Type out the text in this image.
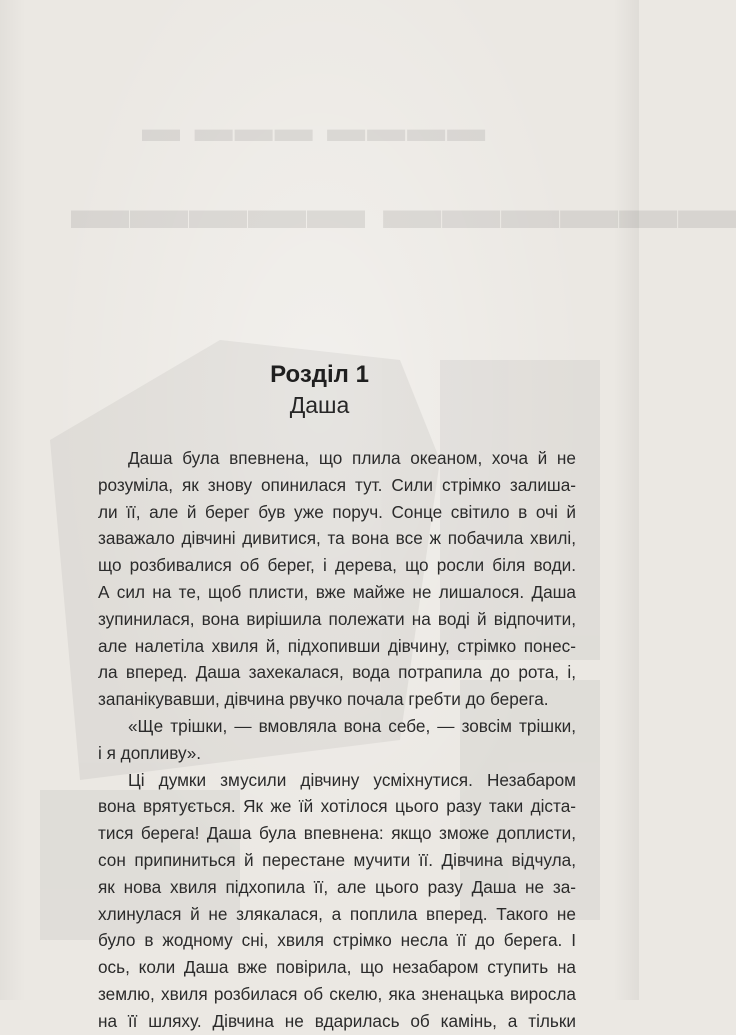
▬▬▬▬ ▬▬▬ ▬
▬▬▬▬▬▬ ▬▬▬▬▬
Розділ 1
Даша

Даша була впевнена, що плила океаном, хоча й не
розуміла, як знову опинилася тут. Сили стрімко залиша-
ли її, але й берег був уже поруч. Сонце світило в очі й
заважало дівчині дивитися, та вона все ж побачила хвилі,
що розбивалися об берег, і дерева, що росли біля води.
А сил на те, щоб плисти, вже майже не лишалося. Даша
зупинилася, вона вирішила полежати на воді й відпочити,
але налетіла хвиля й, підхопивши дівчину, стрімко понес-
ла вперед. Даша захекалася, вода потрапила до рота, і,
запанікувавши, дівчина рвучко почала гребти до берега.

«Ще трішки, — вмовляла вона себе, — зовсім трішки,
і я допливу».

Ці думки змусили дівчину усміхнутися. Незабаром
вона врятується. Як же їй хотілося цього разу таки діста-
тися берега! Даша була впевнена: якщо зможе доплисти,
сон припиниться й перестане мучити її. Дівчина відчула,
як нова хвиля підхопила її, але цього разу Даша не за-
хлинулася й не злякалася, а поплила вперед. Такого не
було в жодному сні, хвиля стрімко несла її до берега. І
ось, коли Даша вже повірила, що незабаром ступить на
землю, хвиля розбилася об скелю, яка зненацька виросла
на її шляху. Дівчина не вдарилась об камінь, а тільки
